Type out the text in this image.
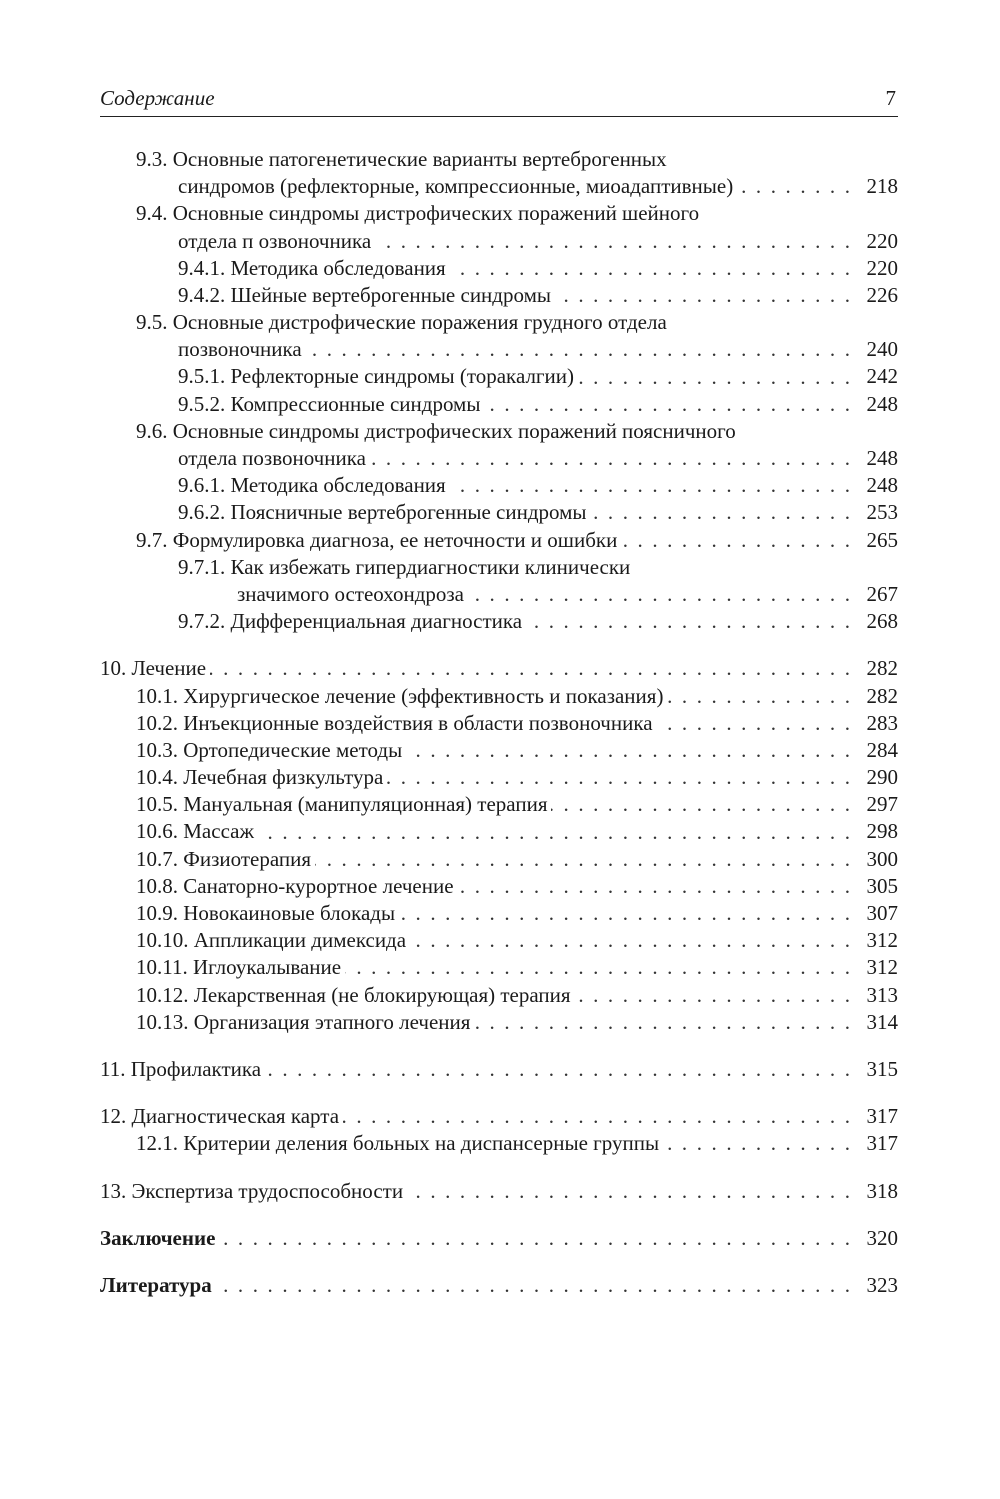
Содержание	7
9.3. Основные патогенетические варианты вертеброгенных
синдромов (рефлекторные, компрессионные, миоадаптивные) . . .	218
9.4. Основные синдромы дистрофических поражений шейного
отдела п озвоночника . . .	220
9.4.1. Методика обследования . . .	220
9.4.2. Шейные вертеброгенные синдромы . . .	226
9.5. Основные дистрофические поражения грудного отдела
позвоночника . . .	240
9.5.1. Рефлекторные синдромы (торакалгии) . . .	242
9.5.2. Компрессионные синдромы . . .	248
9.6. Основные синдромы дистрофических поражений поясничного
отдела позвоночника . . .	248
9.6.1. Методика обследования . . .	248
9.6.2. Поясничные вертеброгенные синдромы . . .	253
9.7. Формулировка диагноза, ее неточности и ошибки . . .	265
9.7.1. Как избежать гипердиагностики клинически
значимого остеохондроза . . .	267
9.7.2. Дифференциальная диагностика . . .	268
10. Лечение . . .	282
10.1. Хирургическое лечение (эффективность и показания) . . .	282
10.2. Инъекционные воздействия в области позвоночника . . .	283
10.3. Ортопедические методы . . .	284
10.4. Лечебная физкультура . . .	290
10.5. Мануальная (манипуляционная) терапия . . .	297
10.6. Массаж . . .	298
10.7. Физиотерапия . . .	300
10.8. Санаторно-курортное лечение . . .	305
10.9. Новокаиновые блокады . . .	307
10.10. Аппликации димексида . . .	312
10.11. Иглоукалывание . . .	312
10.12. Лекарственная (не блокирующая) терапия . . .	313
10.13. Организация этапного лечения . . .	314
11. Профилактика . . .	315
12. Диагностическая карта . . .	317
12.1. Критерии деления больных на диспансерные группы . . .	317
13. Экспертиза трудоспособности . . .	318
Заключение . . .	320
Литература . . .	323
